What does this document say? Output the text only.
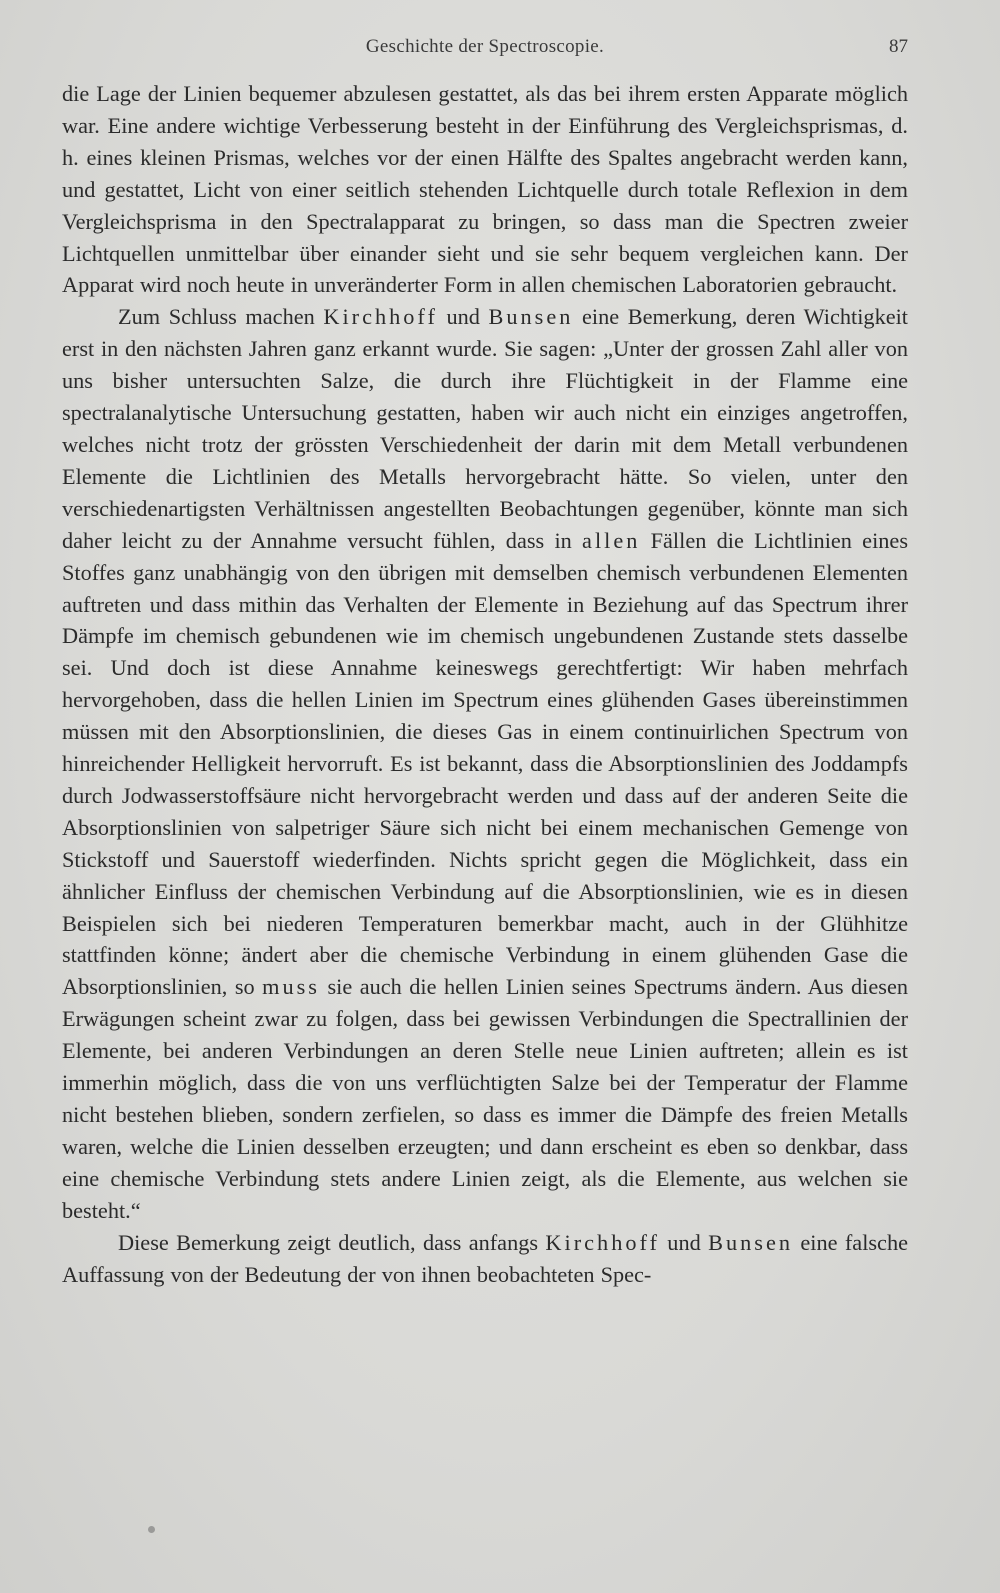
Geschichte der Spectroscopie.	87

die Lage der Linien bequemer abzulesen gestattet, als das bei ihrem ersten Apparate möglich war. Eine andere wichtige Verbesserung besteht in der Einführung des Vergleichsprismas, d. h. eines kleinen Prismas, welches vor der einen Hälfte des Spaltes angebracht werden kann, und gestattet, Licht von einer seitlich stehenden Lichtquelle durch totale Reflexion in dem Vergleichsprisma in den Spectralapparat zu bringen, so dass man die Spectren zweier Lichtquellen unmittelbar über einander sieht und sie sehr bequem vergleichen kann. Der Apparat wird noch heute in unveränderter Form in allen chemischen Laboratorien gebraucht.

Zum Schluss machen Kirchhoff und Bunsen eine Bemerkung, deren Wichtigkeit erst in den nächsten Jahren ganz erkannt wurde. Sie sagen: „Unter der grossen Zahl aller von uns bisher untersuchten Salze, die durch ihre Flüchtigkeit in der Flamme eine spectralanalytische Untersuchung gestatten, haben wir auch nicht ein einziges angetroffen, welches nicht trotz der grössten Verschiedenheit der darin mit dem Metall verbundenen Elemente die Lichtlinien des Metalls hervorgebracht hätte. So vielen, unter den verschiedenartigsten Verhältnissen angestellten Beobachtungen gegenüber, könnte man sich daher leicht zu der Annahme versucht fühlen, dass in allen Fällen die Lichtlinien eines Stoffes ganz unabhängig von den übrigen mit demselben chemisch verbundenen Elementen auftreten und dass mithin das Verhalten der Elemente in Beziehung auf das Spectrum ihrer Dämpfe im chemisch gebundenen wie im chemisch ungebundenen Zustande stets dasselbe sei. Und doch ist diese Annahme keineswegs gerechtfertigt: Wir haben mehrfach hervorgehoben, dass die hellen Linien im Spectrum eines glühenden Gases übereinstimmen müssen mit den Absorptionslinien, die dieses Gas in einem continuirlichen Spectrum von hinreichender Helligkeit hervorruft. Es ist bekannt, dass die Absorptionslinien des Joddampfs durch Jodwasserstoffsäure nicht hervorgebracht werden und dass auf der anderen Seite die Absorptionslinien von salpetriger Säure sich nicht bei einem mechanischen Gemenge von Stickstoff und Sauerstoff wiederfinden. Nichts spricht gegen die Möglichkeit, dass ein ähnlicher Einfluss der chemischen Verbindung auf die Absorptionslinien, wie es in diesen Beispielen sich bei niederen Temperaturen bemerkbar macht, auch in der Glühhitze stattfinden könne; ändert aber die chemische Verbindung in einem glühenden Gase die Absorptionslinien, so muss sie auch die hellen Linien seines Spectrums ändern. Aus diesen Erwägungen scheint zwar zu folgen, dass bei gewissen Verbindungen die Spectrallinien der Elemente, bei anderen Verbindungen an deren Stelle neue Linien auftreten; allein es ist immerhin möglich, dass die von uns verflüchtigten Salze bei der Temperatur der Flamme nicht bestehen blieben, sondern zerfielen, so dass es immer die Dämpfe des freien Metalls waren, welche die Linien desselben erzeugten; und dann erscheint es eben so denkbar, dass eine chemische Verbindung stets andere Linien zeigt, als die Elemente, aus welchen sie besteht.“

Diese Bemerkung zeigt deutlich, dass anfangs Kirchhoff und Bunsen eine falsche Auffassung von der Bedeutung der von ihnen beobachteten Spec-
